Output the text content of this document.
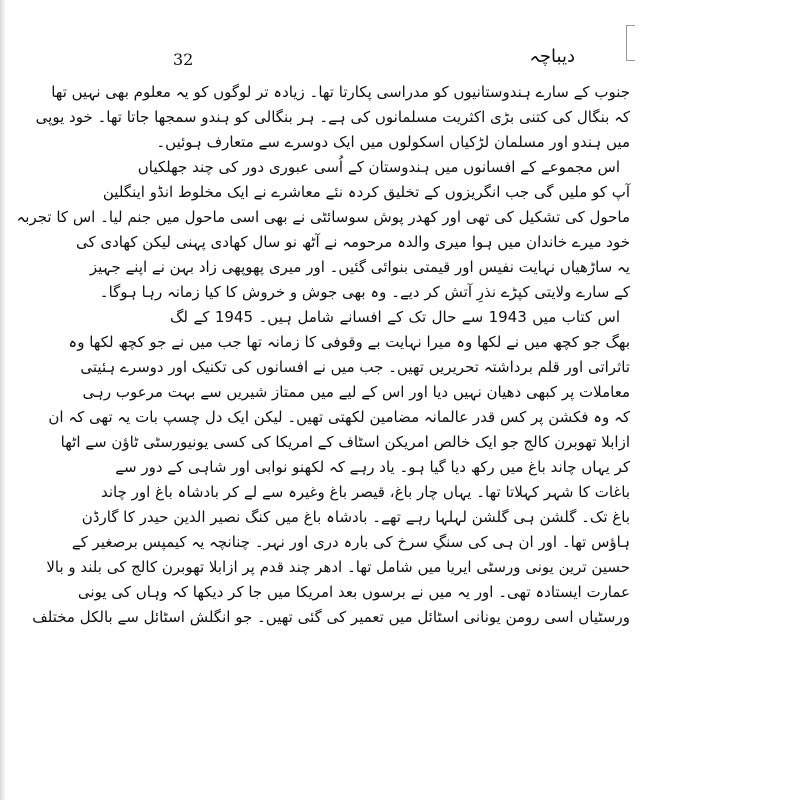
32	دیباچہ
جنوب کے سارے ہندوستانیوں کو مدراسی پکارتا تھا۔ زیادہ تر لوگوں کو یہ معلوم بھی نہیں تھا
کہ بنگال کی کتنی بڑی اکثریت مسلمانوں کی ہے۔ ہر بنگالی کو ہندو سمجھا جاتا تھا۔ خود یوپی
میں ہندو اور مسلمان لڑکیاں اسکولوں میں ایک دوسرے سے متعارف ہوئیں۔
اس مجموعے کے افسانوں میں ہندوستان کے اُسی عبوری دور کی چند جھلکیاں
آپ کو ملیں گی جب انگریزوں کے تخلیق کردہ نئے معاشرے نے ایک مخلوط انڈو اینگلین
ماحول کی تشکیل کی تھی اور کھدر پوش سوسائٹی نے بھی اسی ماحول میں جنم لیا۔ اس کا تجربہ
خود میرے خاندان میں ہوا میری والدہ مرحومہ نے آٹھ نو سال کھادی پہنی لیکن کھادی کی
یہ ساڑھیاں نہایت نفیس اور قیمتی بنوائی گئیں۔ اور میری پھوپھی زاد بہن نے اپنے جہیز
کے سارے ولایتی کپڑے نذرِ آتش کر دیے۔ وہ بھی جوش و خروش کا کیا زمانہ رہا ہوگا۔
اس کتاب میں 1943 سے حال تک کے افسانے شامل ہیں۔ 1945 کے لگ
بھگ جو کچھ میں نے لکھا وہ میرا نہایت بے وقوفی کا زمانہ تھا جب میں نے جو کچھ لکھا وہ
تاثراتی اور قلم برداشتہ تحریریں تھیں۔ جب میں نے افسانوں کی تکنیک اور دوسرے ہئیتی
معاملات پر کبھی دھیان نہیں دیا اور اس کے لیے میں ممتاز شیریں سے بہت مرعوب رہی
کہ وہ فکشن پر کس قدر عالمانہ مضامین لکھتی تھیں۔ لیکن ایک دل چسپ بات یہ تھی کہ ان
ازابلا تھوبرن کالج جو ایک خالص امریکن اسٹاف کے امریکا کی کسی یونیورسٹی ٹاؤن سے اٹھا
کر یہاں چاند باغ میں رکھ دیا گیا ہو۔ یاد رہے کہ لکھنو نوابی اور شاہی کے دور سے
باغات کا شہر کہلاتا تھا۔ یہاں چار باغ، قیصر باغ وغیرہ سے لے کر بادشاہ باغ اور چاند
باغ تک۔ گلشن ہی گلشن لہلہا رہے تھے۔ بادشاہ باغ میں کنگ نصیر الدین حیدر کا گارڈن
ہاؤس تھا۔ اور ان ہی کی سنگِ سرخ کی بارہ دری اور نہر۔ چنانچہ یہ کیمپس برصغیر کے
حسین ترین یونی ورسٹی ایریا میں شامل تھا۔ ادھر چند قدم پر ازابلا تھوبرن کالج کی بلند و بالا
عمارت ایستادہ تھی۔ اور یہ میں نے برسوں بعد امریکا میں جا کر دیکھا کہ وہاں کی یونی
ورسٹیاں اسی رومن یونانی اسٹائل میں تعمیر کی گئی تھیں۔ جو انگلش اسٹائل سے بالکل مختلف
